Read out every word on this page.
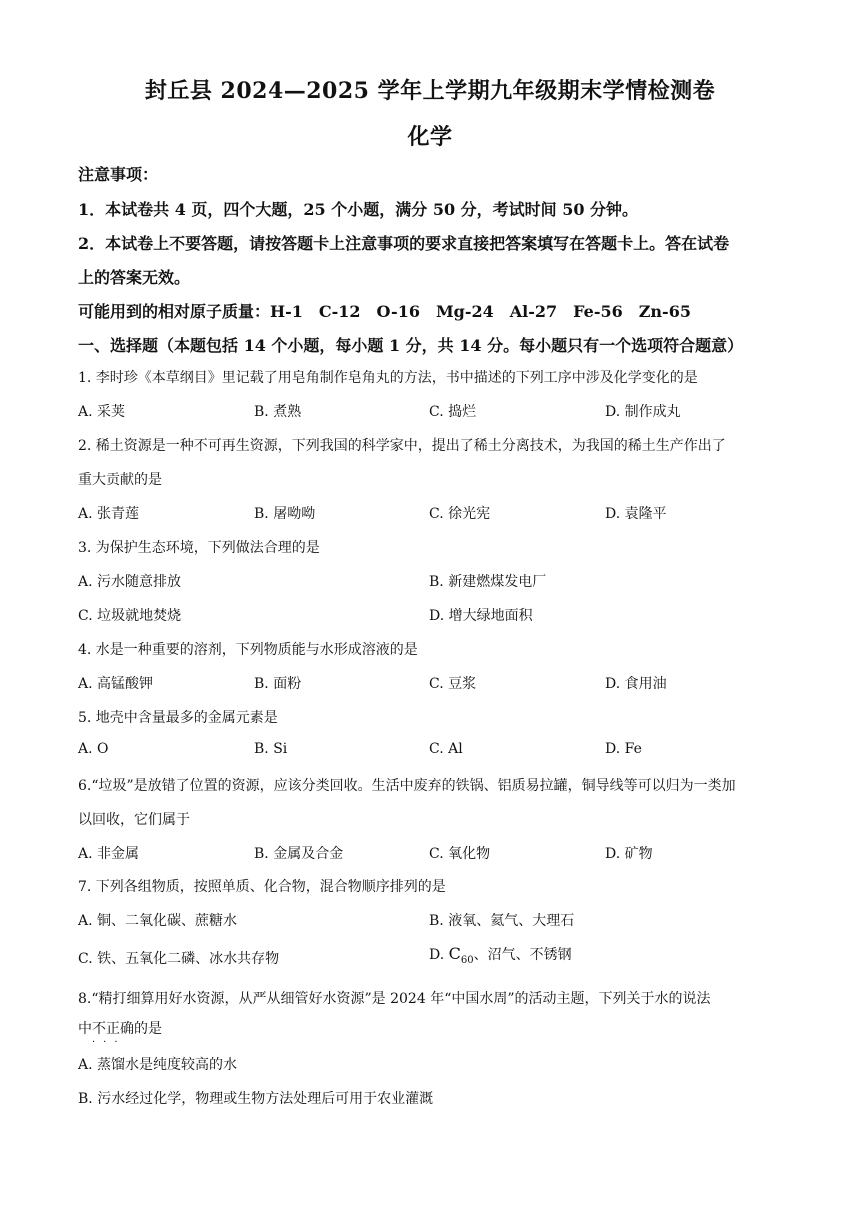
封丘县 2024—2025 学年上学期九年级期末学情检测卷
化学
注意事项：
1．本试卷共 4 页，四个大题，25 个小题，满分 50 分，考试时间 50 分钟。
2．本试卷上不要答题，请按答题卡上注意事项的要求直接把答案填写在答题卡上。答在试卷
上的答案无效。
可能用到的相对原子质量：H-1　C-12　O-16　Mg-24　Al-27　Fe-56　Zn-65
一、选择题（本题包括 14 个小题，每小题 1 分，共 14 分。每小题只有一个选项符合题意）
1. 李时珍《本草纲目》里记载了用皂角制作皂角丸的方法，书中描述的下列工序中涉及化学变化的是
A. 采荚	B. 煮熟	C. 捣烂	D. 制作成丸
2. 稀土资源是一种不可再生资源，下列我国的科学家中，提出了稀土分离技术，为我国的稀土生产作出了
重大贡献的是
A. 张青莲	B. 屠呦呦	C. 徐光宪	D. 袁隆平
3. 为保护生态环境，下列做法合理的是
A. 污水随意排放	B. 新建燃煤发电厂
C. 垃圾就地焚烧	D. 增大绿地面积
4. 水是一种重要的溶剂，下列物质能与水形成溶液的是
A. 高锰酸钾	B. 面粉	C. 豆浆	D. 食用油
5. 地壳中含量最多的金属元素是
A. O	B. Si	C. Al	D. Fe
6.“垃圾”是放错了位置的资源，应该分类回收。生活中废弃的铁锅、铝质易拉罐，铜导线等可以归为一类加
以回收，它们属于
A. 非金属	B. 金属及合金	C. 氧化物	D. 矿物
7. 下列各组物质，按照单质、化合物，混合物顺序排列的是
A. 铜、二氧化碳、蔗糖水	B. 液氧、氦气、大理石
C. 铁、五氧化二磷、冰水共存物	D. $C_{60}$、沼气、不锈钢
8.“精打细算用好水资源，从严从细管好水资源”是 2024 年“中国水周”的活动主题，下列关于水的说法
中不正确
···
的是
A. 蒸馏水是纯度较高的水
B. 污水经过化学，物理或生物方法处理后可用于农业灌溉
